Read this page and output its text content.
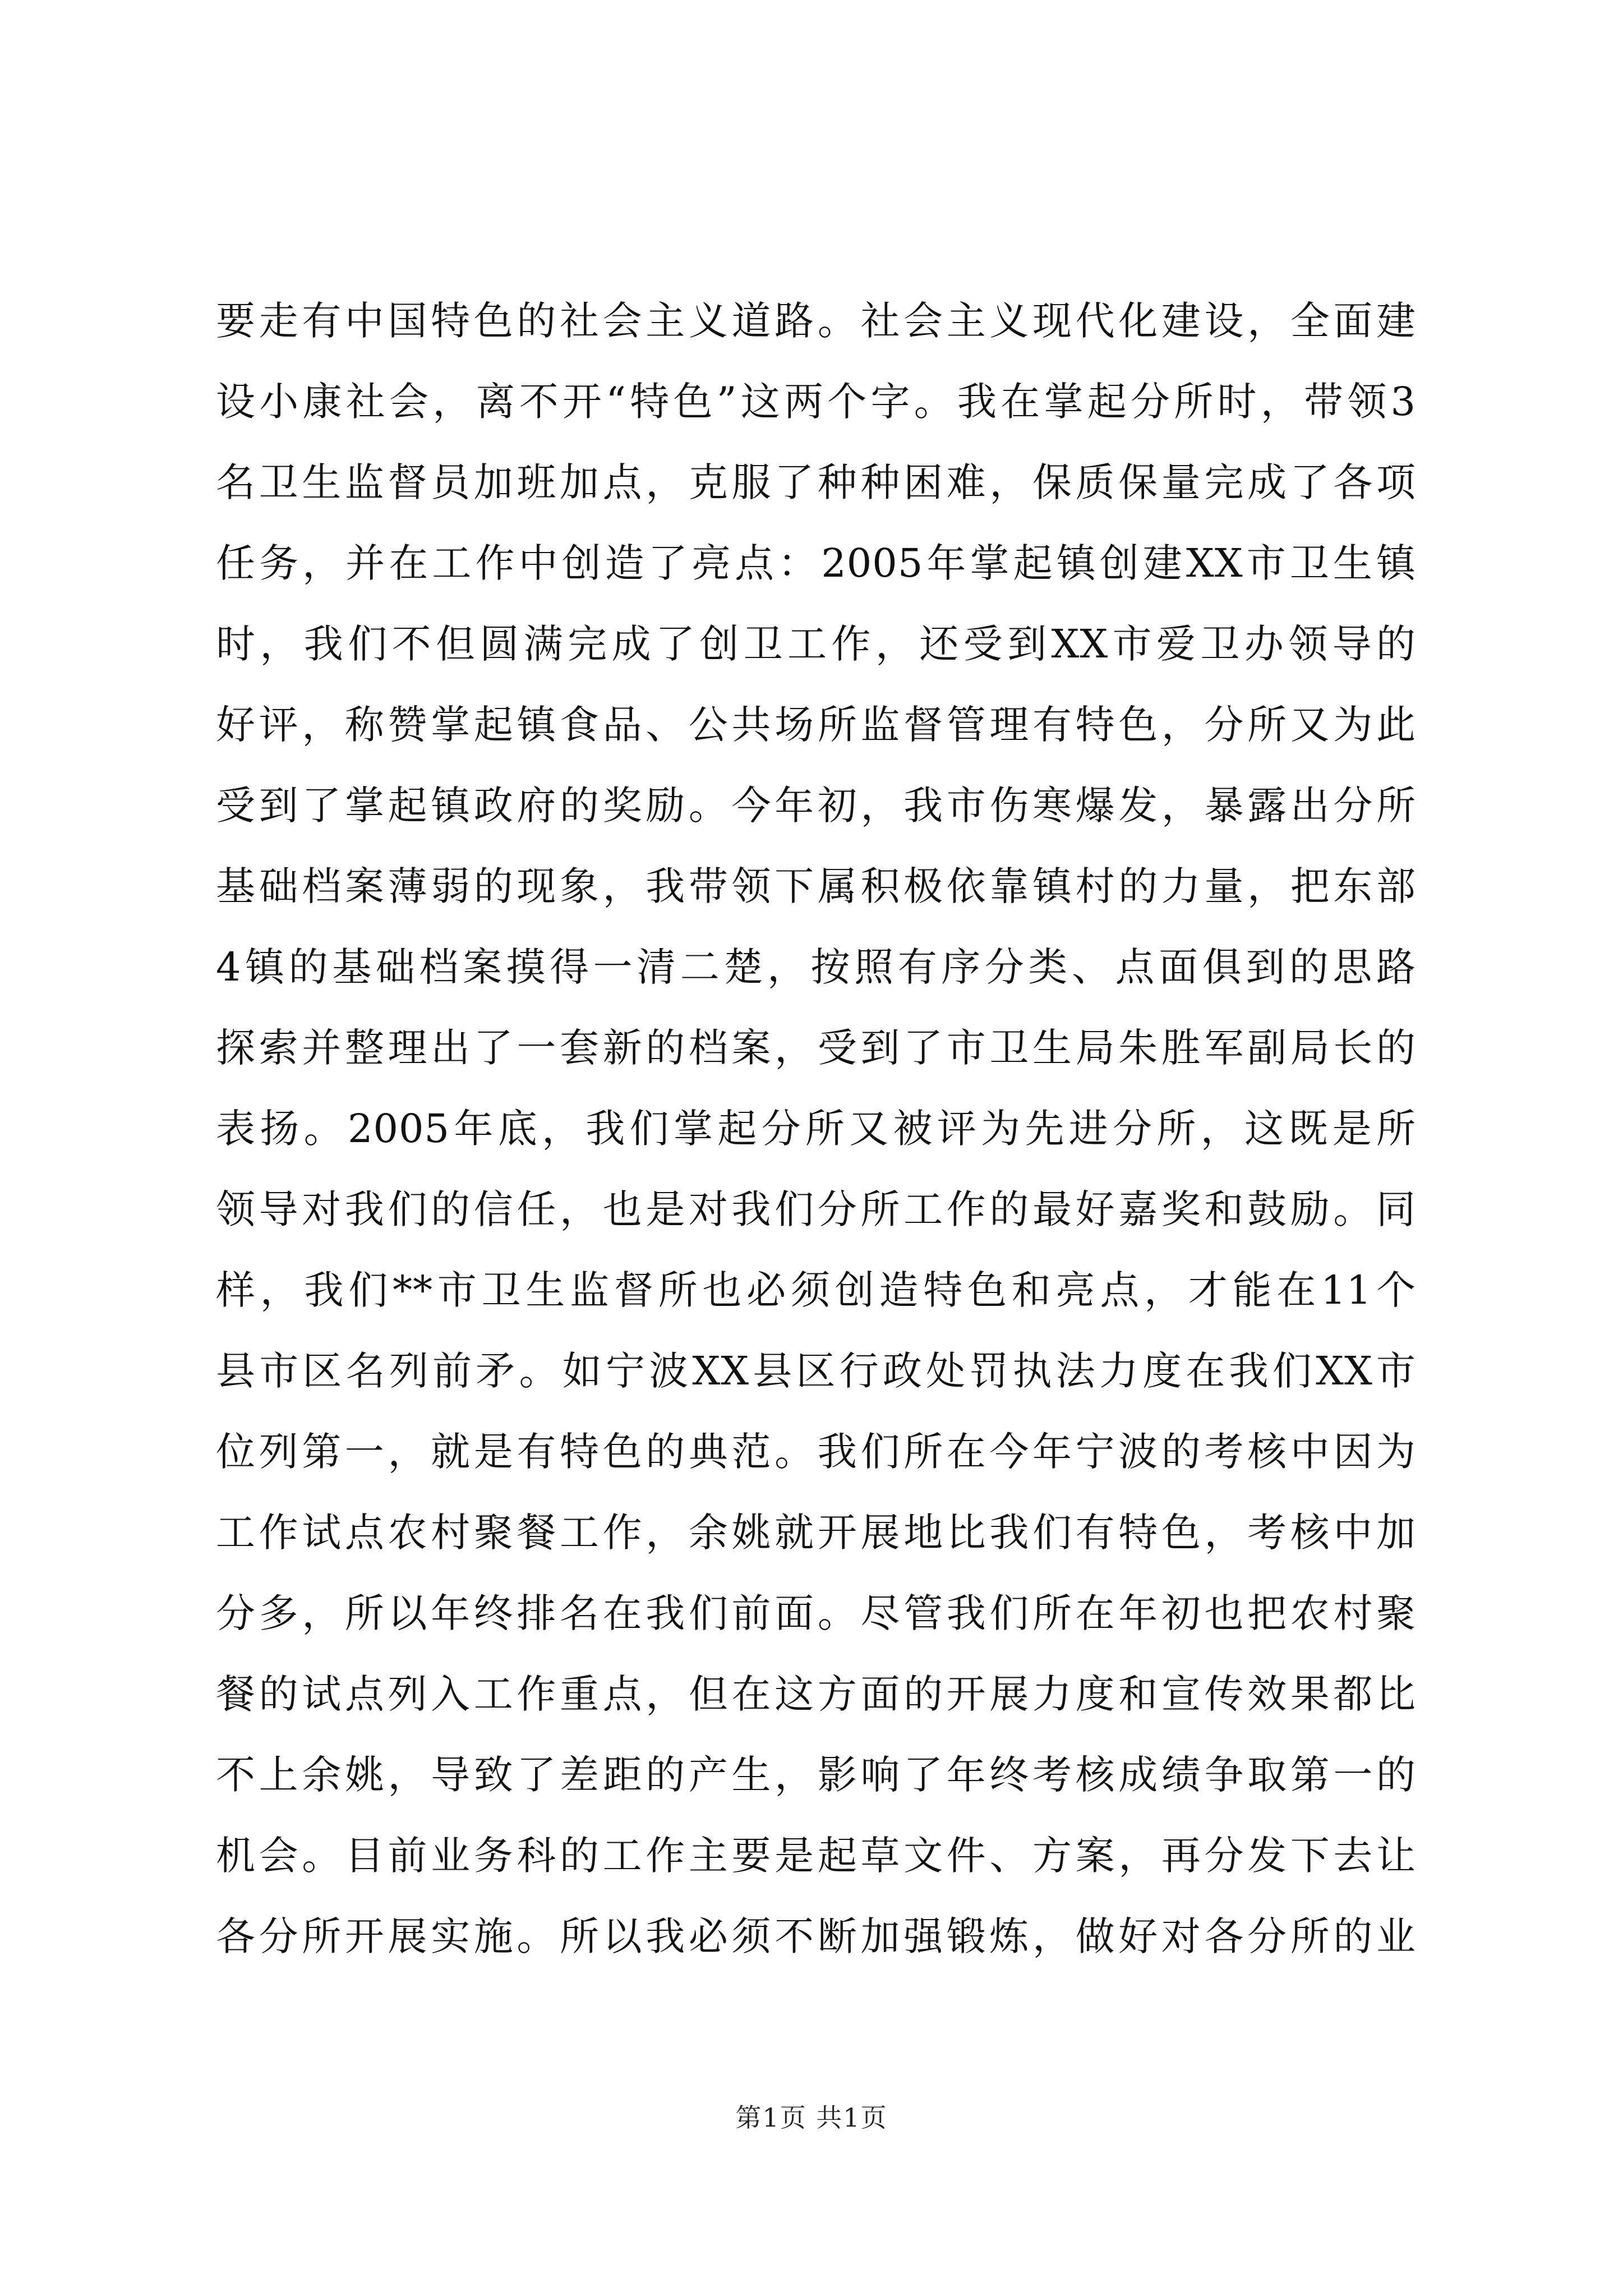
要走有中国特色的社会主义道路。社会主义现代化建设，全面建
设小康社会，离不开“特色”这两个字。我在掌起分所时，带领3
名卫生监督员加班加点，克服了种种困难，保质保量完成了各项
任务，并在工作中创造了亮点：2005年掌起镇创建XX市卫生镇
时，我们不但圆满完成了创卫工作，还受到XX市爱卫办领导的
好评，称赞掌起镇食品、公共场所监督管理有特色，分所又为此
受到了掌起镇政府的奖励。今年初，我市伤寒爆发，暴露出分所
基础档案薄弱的现象，我带领下属积极依靠镇村的力量，把东部
4镇的基础档案摸得一清二楚，按照有序分类、点面俱到的思路
探索并整理出了一套新的档案，受到了市卫生局朱胜军副局长的
表扬。2005年底，我们掌起分所又被评为先进分所，这既是所
领导对我们的信任，也是对我们分所工作的最好嘉奖和鼓励。同
样，我们**市卫生监督所也必须创造特色和亮点，才能在11个
县市区名列前矛。如宁波XX县区行政处罚执法力度在我们XX市
位列第一，就是有特色的典范。我们所在今年宁波的考核中因为
工作试点农村聚餐工作，余姚就开展地比我们有特色，考核中加
分多，所以年终排名在我们前面。尽管我们所在年初也把农村聚
餐的试点列入工作重点，但在这方面的开展力度和宣传效果都比
不上余姚，导致了差距的产生，影响了年终考核成绩争取第一的
机会。目前业务科的工作主要是起草文件、方案，再分发下去让
各分所开展实施。所以我必须不断加强锻炼，做好对各分所的业
第1页 共1页
